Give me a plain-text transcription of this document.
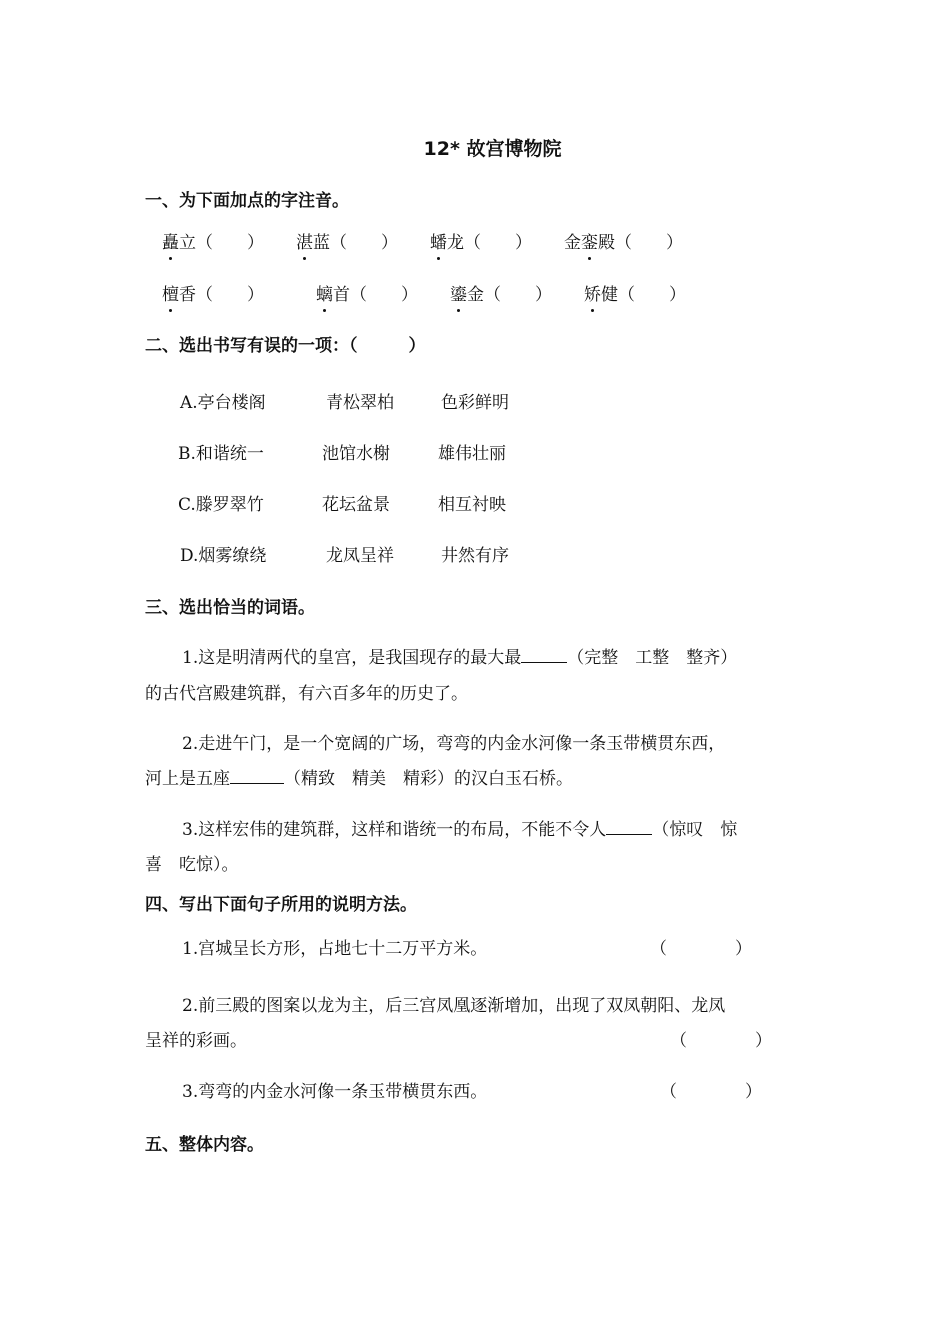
12* 故宫博物院
一、为下面加点的字注音。
矗立（　　） 湛蓝（　　） 蟠龙（　　） 金銮殿（　　）
檀香（　　）	螭首（　　） 鎏金（　　） 矫健（　　）
二、选出书写有误的一项：（　　　）
A.亭台楼阁	青松翠柏	色彩鲜明
B.和谐统一	池馆水榭	雄伟壮丽
C.滕罗翠竹	花坛盆景	相互衬映
D.烟雾缭绕	龙凤呈祥	井然有序
三、选出恰当的词语。
1.这是明清两代的皇宫，是我国现存的最大最	（完整　工整　整齐）
的古代宫殿建筑群，有六百多年的历史了。
2.走进午门，是一个宽阔的广场，弯弯的内金水河像一条玉带横贯东西，
河上是五座	（精致　精美　精彩）的汉白玉石桥。
3.这样宏伟的建筑群，这样和谐统一的布局，不能不令人	（惊叹　惊
喜　吃惊）。
四、写出下面句子所用的说明方法。
1.宫城呈长方形，占地七十二万平方米。	（　　　　）
2.前三殿的图案以龙为主，后三宫凤凰逐渐增加，出现了双凤朝阳、龙凤
呈祥的彩画。	（　　　　）
3.弯弯的内金水河像一条玉带横贯东西。	（　　　　）
五、整体内容。
